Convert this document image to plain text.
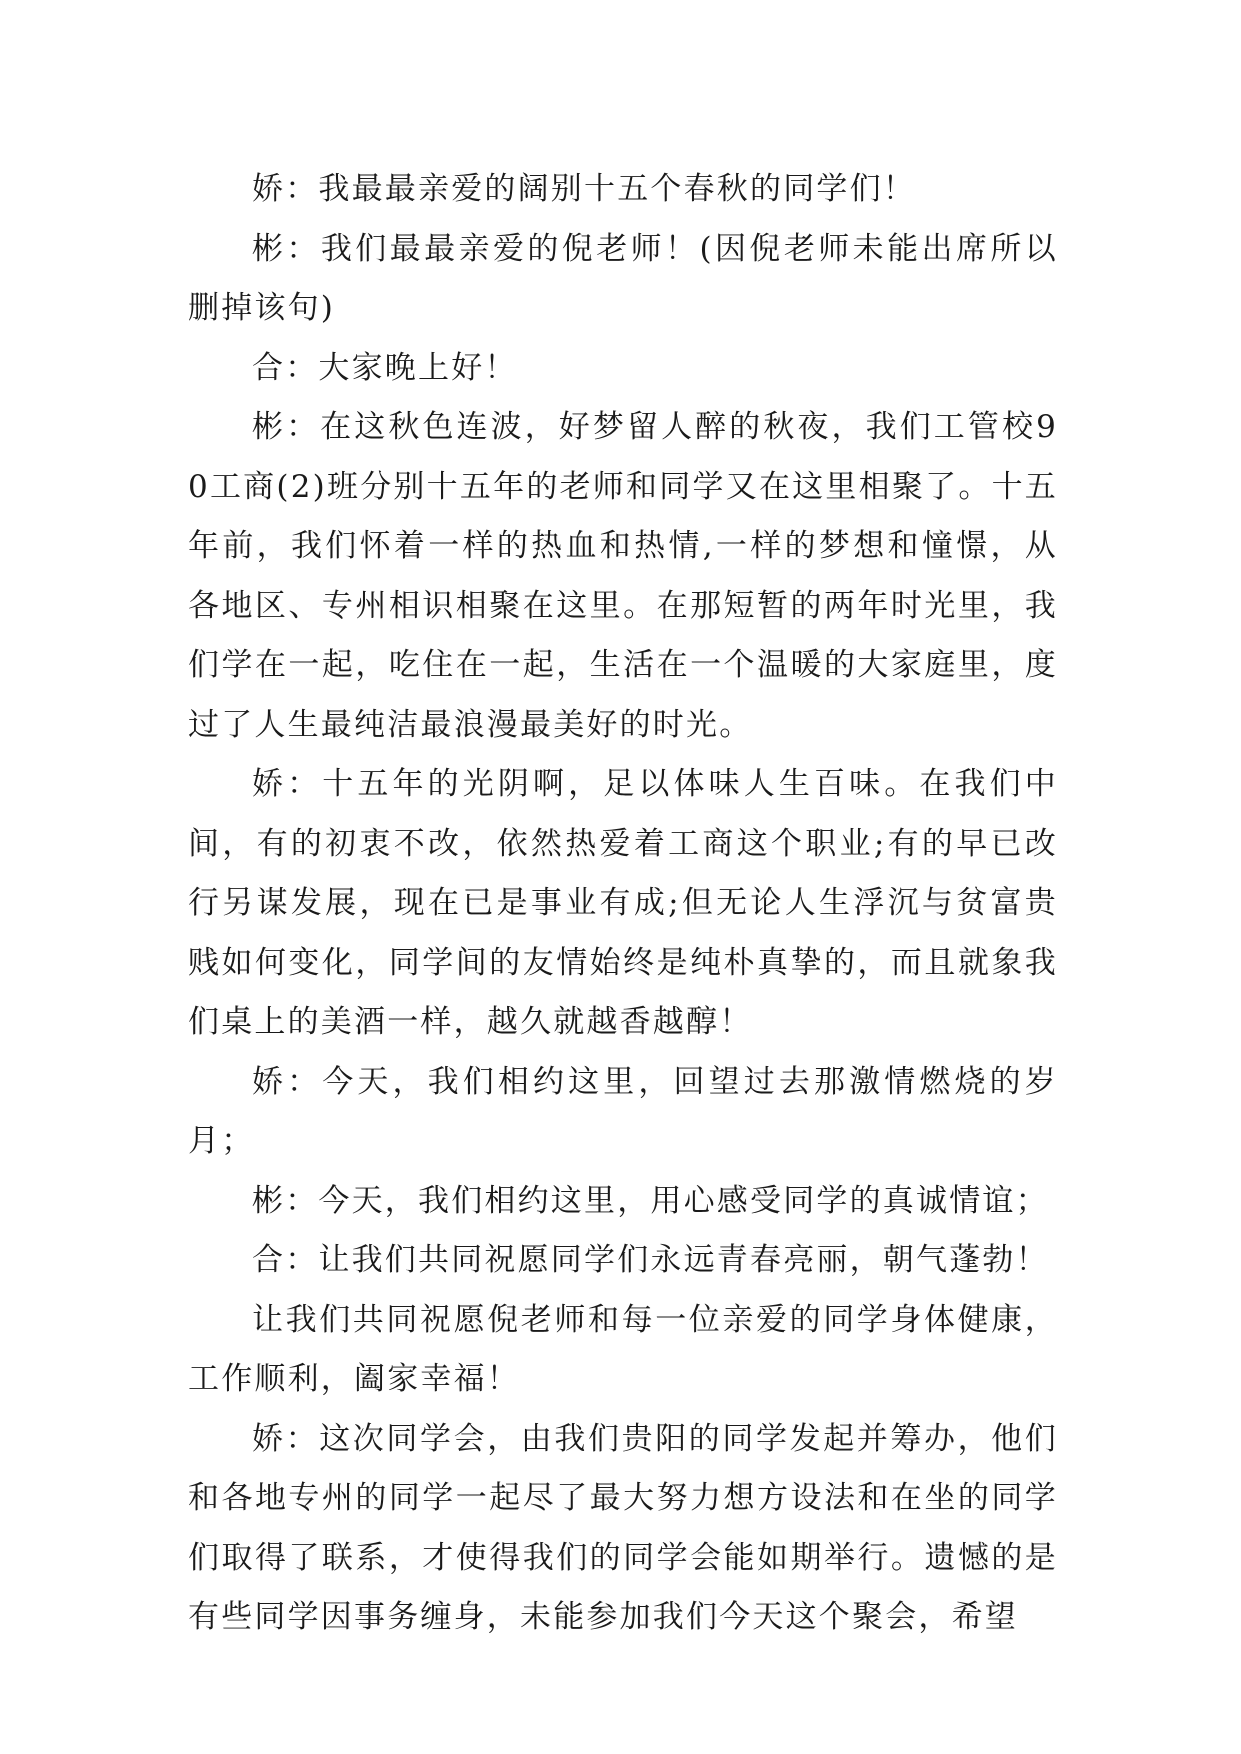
娇：我最最亲爱的阔别十五个春秋的同学们！

彬：我们最最亲爱的倪老师！(因倪老师未能出席所以删掉该句)

合：大家晚上好！

彬：在这秋色连波，好梦留人醉的秋夜，我们工管校90工商(2)班分别十五年的老师和同学又在这里相聚了。十五年前，我们怀着一样的热血和热情,一样的梦想和憧憬，从各地区、专州相识相聚在这里。在那短暂的两年时光里，我们学在一起，吃住在一起，生活在一个温暖的大家庭里，度过了人生最纯洁最浪漫最美好的时光。

娇：十五年的光阴啊，足以体味人生百味。在我们中间，有的初衷不改，依然热爱着工商这个职业;有的早已改行另谋发展，现在已是事业有成;但无论人生浮沉与贫富贵贱如何变化，同学间的友情始终是纯朴真挚的，而且就象我们桌上的美酒一样，越久就越香越醇！

娇：今天，我们相约这里，回望过去那激情燃烧的岁月；

彬：今天，我们相约这里，用心感受同学的真诚情谊；

合：让我们共同祝愿同学们永远青春亮丽，朝气蓬勃！

让我们共同祝愿倪老师和每一位亲爱的同学身体健康，工作顺利，阖家幸福！

娇：这次同学会，由我们贵阳的同学发起并筹办，他们和各地专州的同学一起尽了最大努力想方设法和在坐的同学们取得了联系，才使得我们的同学会能如期举行。遗憾的是有些同学因事务缠身，未能参加我们今天这个聚会，希望
